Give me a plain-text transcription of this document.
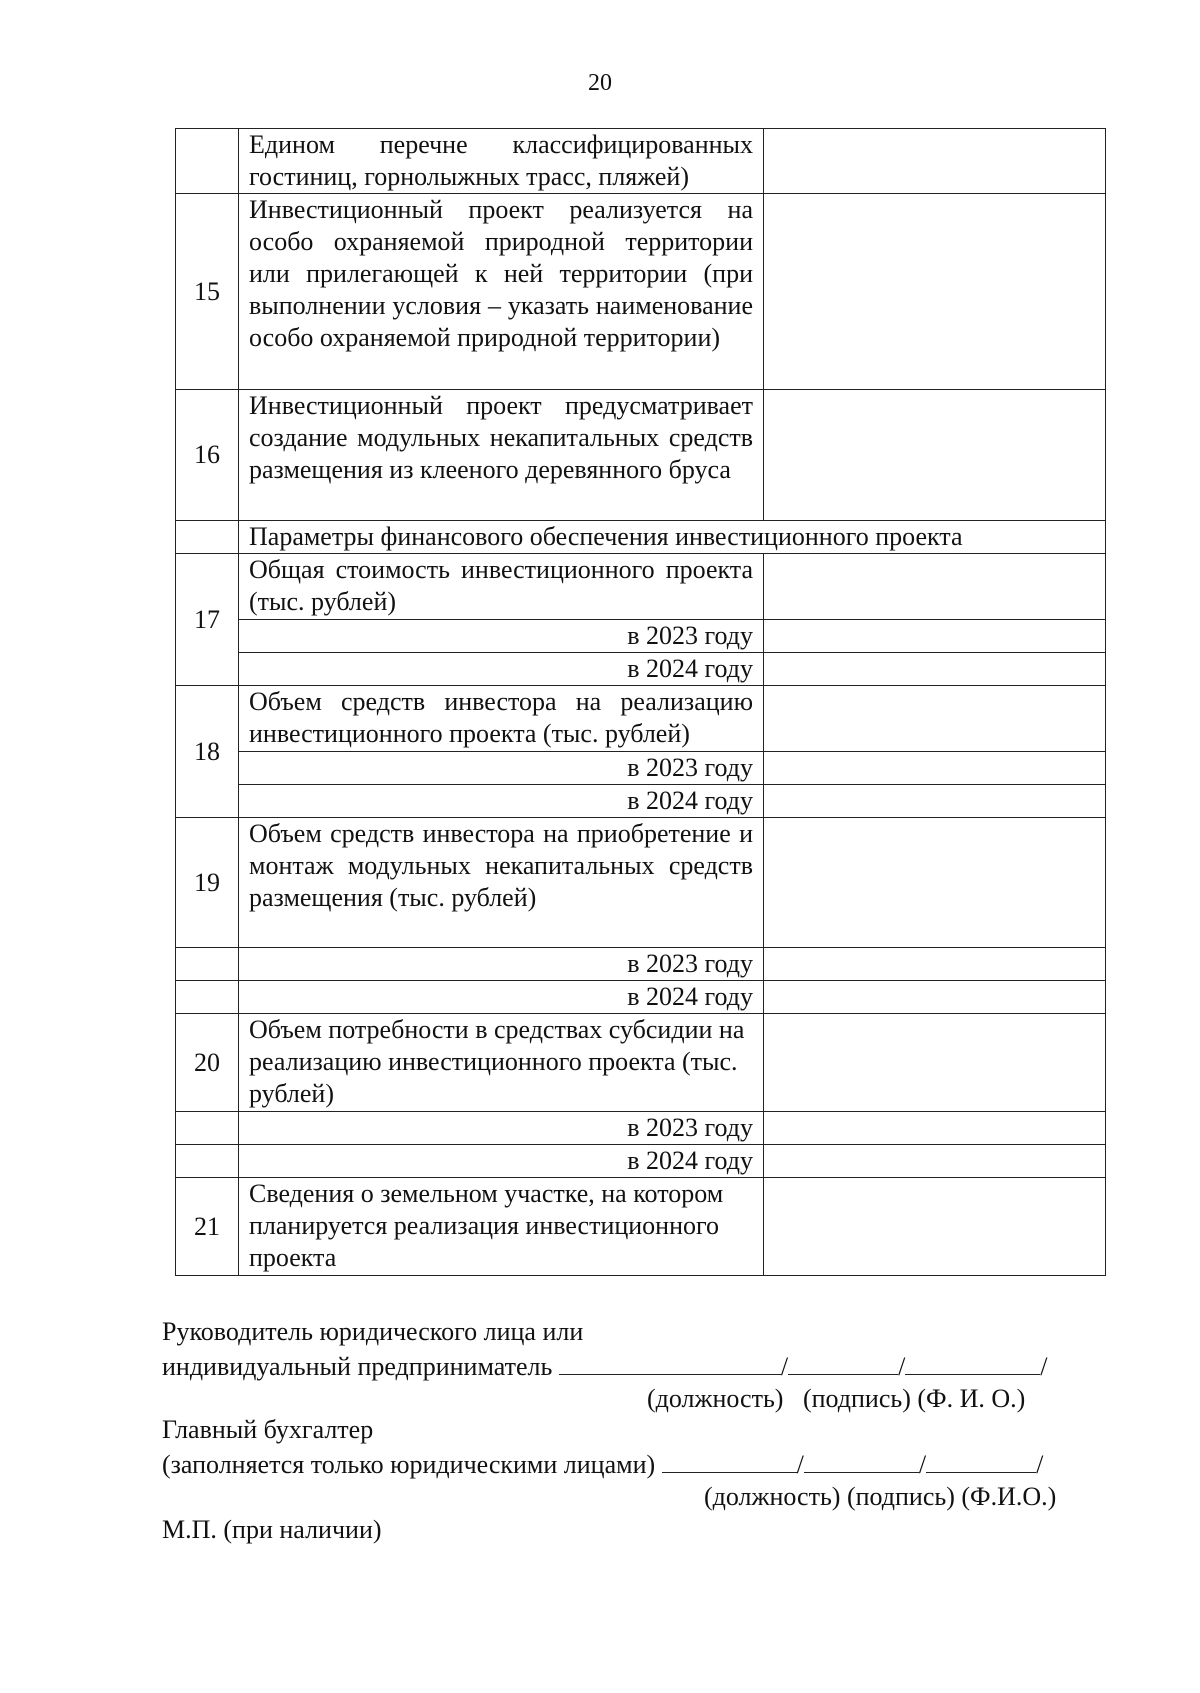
20
	Едином перечне классифицированных гостиниц, горнолыжных трасс, пляжей)	
15	Инвестиционный проект реализуется на особо охраняемой природной территории или прилегающей к ней территории (при выполнении условия – указать наименование особо охраняемой природной территории)	
16	Инвестиционный проект предусматривает создание модульных некапитальных средств размещения из клееного деревянного бруса	
	Параметры финансового обеспечения инвестиционного проекта	
17	Общая стоимость инвестиционного проекта (тыс. рублей)	
	в 2023 году	
	в 2024 году	
18	Объем средств инвестора на реализацию инвестиционного проекта (тыс. рублей)	
	в 2023 году	
	в 2024 году	
19	Объем средств инвестора на приобретение и монтаж модульных некапитальных средств размещения (тыс. рублей)	
	в 2023 году	
	в 2024 году	
20	Объем потребности в средствах субсидии на реализацию инвестиционного проекта (тыс. рублей)	
	в 2023 году	
	в 2024 году	
21	Сведения о земельном участке, на котором планируется реализация инвестиционного проекта	
Руководитель юридического лица или
индивидуальный предприниматель	/	/	/
(должность)   (подпись) (Ф. И. О.)
Главный бухгалтер
(заполняется только юридическими лицами)	/	/	/
(должность) (подпись) (Ф.И.О.)
М.П. (при наличии)
